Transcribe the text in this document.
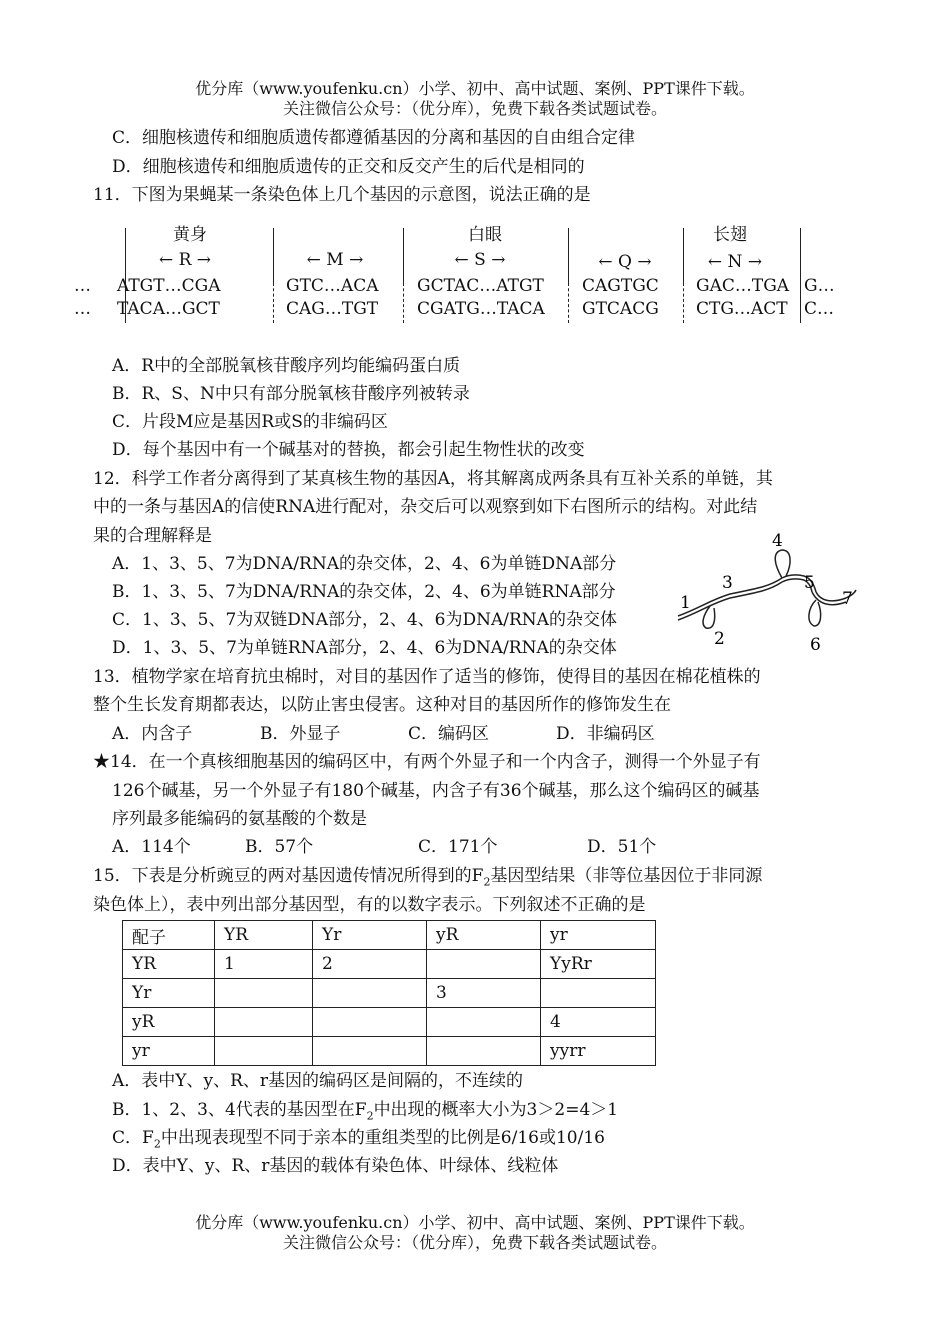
优分库（www.youfenku.cn）小学、初中、高中试题、案例、PPT课件下载。
关注微信公众号：（优分库），免费下载各类试题试卷。
C．细胞核遗传和细胞质遗传都遵循基因的分离和基因的自由组合定律
D．细胞核遗传和细胞质遗传的正交和反交产生的后代是相同的
11．下图为果蝇某一条染色体上几个基因的示意图，说法正确的是
黄身	白眼	长翅
← R →	← M →	← S →	← Q →	← N →
…
…
ATGT…CGA	GTC…ACA GCTAC…ATGT CAGTGC GAC…TGA G…
TACA…GCT	CAG…TGT CGATG…TACA GTCACG CTG…ACT C…
A．R中的全部脱氧核苷酸序列均能编码蛋白质
B．R、S、N中只有部分脱氧核苷酸序列被转录
C．片段M应是基因R或S的非编码区
D．每个基因中有一个碱基对的替换，都会引起生物性状的改变
12．科学工作者分离得到了某真核生物的基因A，将其解离成两条具有互补关系的单链，其
中的一条与基因A的信使RNA进行配对，杂交后可以观察到如下右图所示的结构。对此结
果的合理解释是
A．1、3、5、7为DNA/RNA的杂交体，2、4、6为单链DNA部分
B．1、3、5、7为DNA/RNA的杂交体，2、4、6为单链RNA部分
C．1、3、5、7为双链DNA部分，2、4、6为DNA/RNA的杂交体
D．1、3、5、7为单链RNA部分，2、4、6为DNA/RNA的杂交体
1
2
3
4
5
6
7
13．植物学家在培育抗虫棉时，对目的基因作了适当的修饰，使得目的基因在棉花植株的
整个生长发育期都表达，以防止害虫侵害。这种对目的基因所作的修饰发生在
A．内含子	B．外显子	C．编码区	D．非编码区
★14．在一个真核细胞基因的编码区中，有两个外显子和一个内含子，测得一个外显子有
126个碱基，另一个外显子有180个碱基，内含子有36个碱基，那么这个编码区的碱基
序列最多能编码的氨基酸的个数是
A．114个	B．57个	C．171个	D．51个
15．下表是分析豌豆的两对基因遗传情况所得到的$F_2$基因型结果（非等位基因位于非同源
染色体上），表中列出部分基因型，有的以数字表示。下列叙述不正确的是
配子	YR	Yr	yR	yr
YR	1	2		YyRr
Yr			3	
yR				4
yr				yyrr
A．表中Y、y、R、r基因的编码区是间隔的，不连续的
B．1、2、3、4代表的基因型在$F_2$中出现的概率大小为3＞2=4＞1
C．$F_2$中出现表现型不同于亲本的重组类型的比例是6/16或10/16
D．表中Y、y、R、r基因的载体有染色体、叶绿体、线粒体
优分库（www.youfenku.cn）小学、初中、高中试题、案例、PPT课件下载。
关注微信公众号：（优分库），免费下载各类试题试卷。
